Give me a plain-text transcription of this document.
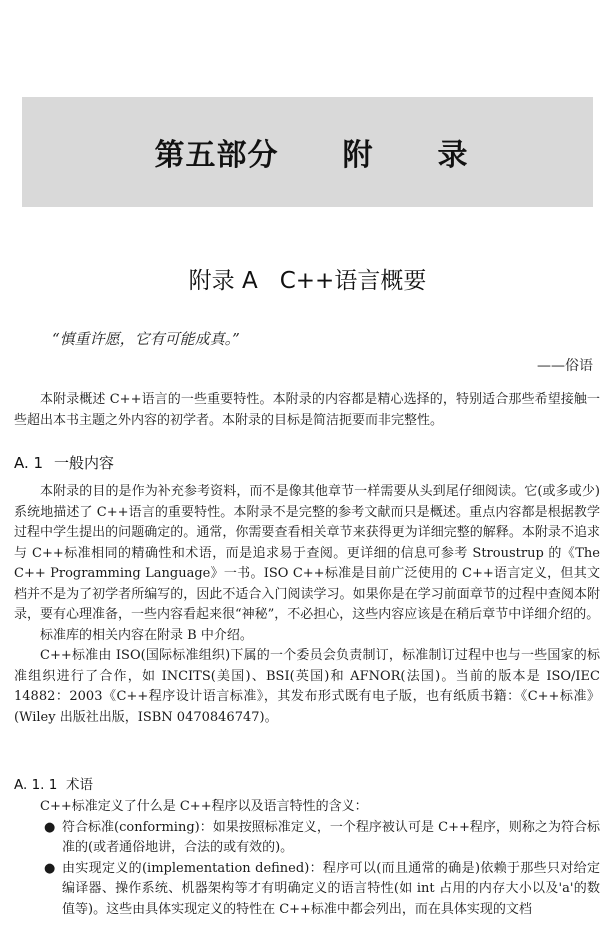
第五部分 附 录
附录 A C++语言概要
“慎重许愿，它有可能成真。”
——俗语

本附录概述 C++语言的一些重要特性。本附录的内容都是精心选择的，特别适合那些希望接触一些超出本书主题之外内容的初学者。本附录的目标是简洁扼要而非完整性。

A. 1 一般内容

本附录的目的是作为补充参考资料，而不是像其他章节一样需要从头到尾仔细阅读。它(或多或少)系统地描述了 C++语言的重要特性。本附录不是完整的参考文献而只是概述。重点内容都是根据教学过程中学生提出的问题确定的。通常，你需要查看相关章节来获得更为详细完整的解释。本附录不追求与 C++标准相同的精确性和术语，而是追求易于查阅。更详细的信息可参考 Stroustrup 的《The C++ Programming Language》一书。ISO C++标准是目前广泛使用的 C++语言定义，但其文档并不是为了初学者所编写的，因此不适合入门阅读学习。如果你是在学习前面章节的过程中查阅本附录，要有心理准备，一些内容看起来很“神秘”，不必担心，这些内容应该是在稍后章节中详细介绍的。

标准库的相关内容在附录 B 中介绍。

C++标准由 ISO(国际标准组织)下属的一个委员会负责制订，标准制订过程中也与一些国家的标准组织进行了合作，如 INCITS(美国)、BSI(英国)和 AFNOR(法国)。当前的版本是 ISO/IEC 14882：2003《C++程序设计语言标准》，其发布形式既有电子版，也有纸质书籍：《C++标准》(Wiley 出版社出版，ISBN 0470846747)。

A. 1. 1 术语

C++标准定义了什么是 C++程序以及语言特性的含义：

● 符合标准(conforming)：如果按照标准定义，一个程序被认可是 C++程序，则称之为符合标准的(或者通俗地讲，合法的或有效的)。
● 由实现定义的(implementation defined)：程序可以(而且通常的确是)依赖于那些只对给定编译器、操作系统、机器架构等才有明确定义的语言特性(如 int 占用的内存大小以及'a'的数值等)。这些由具体实现定义的特性在 C++标准中都会列出，而在具体实现的文档
